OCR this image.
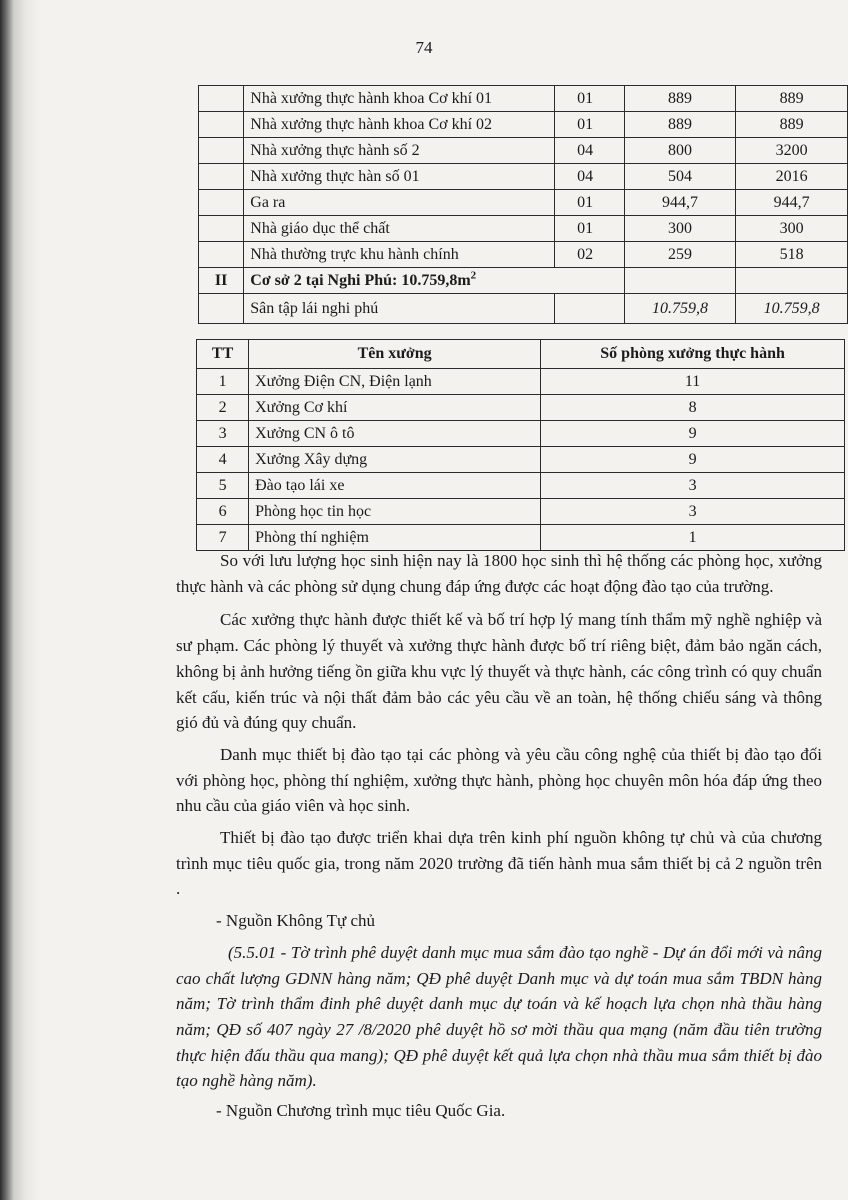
74
	Nhà xưởng thực hành khoa Cơ khí 01	01	889	889
	Nhà xưởng thực hành khoa Cơ khí 02	01	889	889
	Nhà xưởng thực hành số 2	04	800	3200
	Nhà xưởng thực hàn số 01	04	504	2016
	Ga ra	01	944,7	944,7
	Nhà giáo dục thể chất	01	300	300
	Nhà thường trực khu hành chính	02	259	518
II	Cơ sở 2 tại Nghi Phú: $10.759,8m^2$			
	Sân tập lái nghi phú		10.759,8	10.759,8
TT	Tên xưởng	Số phòng xưởng thực hành
1	Xưởng Điện CN, Điện lạnh	11
2	Xưởng Cơ khí	8
3	Xưởng CN ô tô	9
4	Xưởng Xây dựng	9
5	Đào tạo lái xe	3
6	Phòng học tin học	3
7	Phòng thí nghiệm	1

So với lưu lượng học sinh hiện nay là 1800 học sinh thì hệ thống các phòng học, xưởng thực hành và các phòng sử dụng chung đáp ứng được các hoạt động đào tạo của trường.

Các xưởng thực hành được thiết kế và bố trí hợp lý mang tính thẩm mỹ nghề nghiệp và sư phạm. Các phòng lý thuyết và xưởng thực hành được bố trí riêng biệt, đảm bảo ngăn cách, không bị ảnh hưởng tiếng ồn giữa khu vực lý thuyết và thực hành, các công trình có quy chuẩn kết cấu, kiến trúc và nội thất đảm bảo các yêu cầu về an toàn, hệ thống chiếu sáng và thông gió đủ và đúng quy chuẩn.

Danh mục thiết bị đào tạo tại các phòng và yêu cầu công nghệ của thiết bị đào tạo đối với phòng học, phòng thí nghiệm, xưởng thực hành, phòng học chuyên môn hóa đáp ứng theo nhu cầu của giáo viên và học sinh.

Thiết bị đào tạo được triển khai dựa trên kinh phí nguồn không tự chủ và của chương trình mục tiêu quốc gia, trong năm 2020 trường đã tiến hành mua sắm thiết bị cả 2 nguồn trên .

- Nguồn Không Tự chủ

(5.5.01 - Tờ trình phê duyệt danh mục mua sắm đào tạo nghề - Dự án đổi mới và nâng cao chất lượng GDNN hàng năm; QĐ phê duyệt Danh mục và dự toán mua sắm TBDN hàng năm; Tờ trình thẩm đinh phê duyệt danh mục dự toán và kế hoạch lựa chọn nhà thầu hàng năm; QĐ số 407 ngày 27 /8/2020 phê duyệt hồ sơ mời thầu qua mạng (năm đầu tiên trường thực hiện đấu thầu qua mang); QĐ phê duyệt kết quả lựa chọn nhà thầu mua sắm thiết bị đào tạo nghề hàng năm).

- Nguồn Chương trình mục tiêu Quốc Gia.
